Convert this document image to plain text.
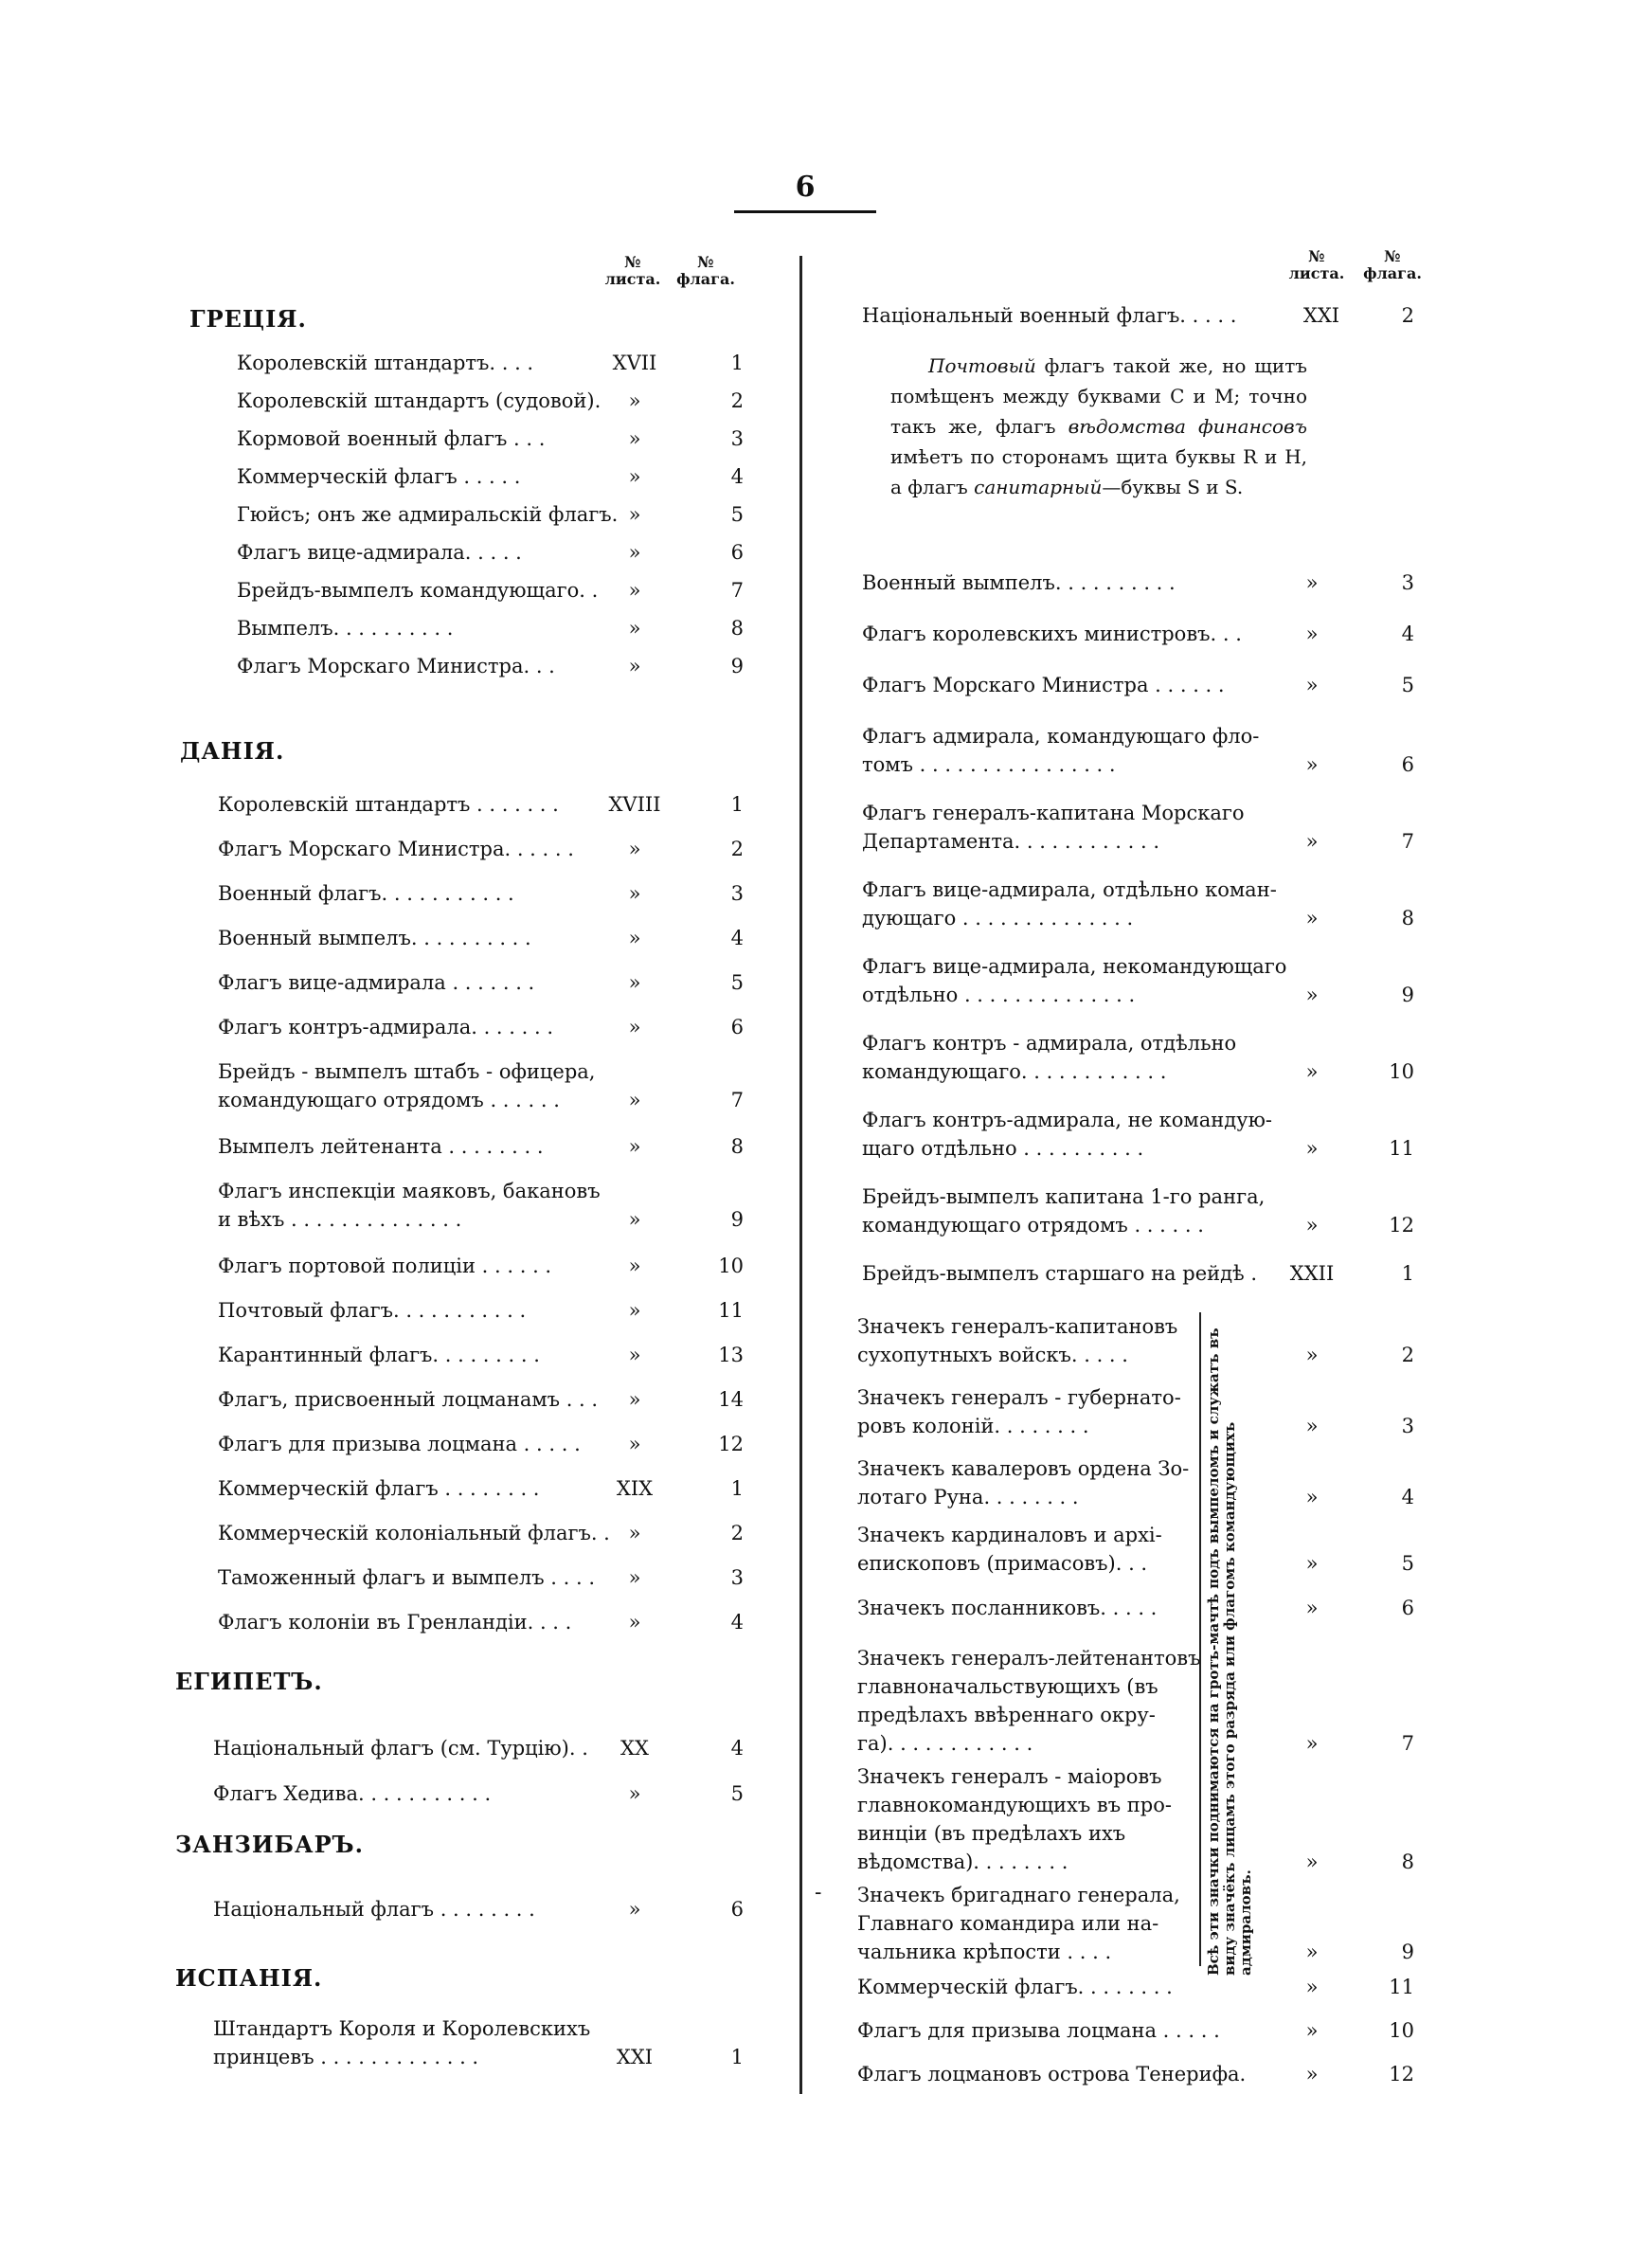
6
№
листа.
№
флага.
ГРЕЦІЯ.
Королевскій штандартъ. . . .	XVII	1
Королевскій штандартъ (судовой).	»	2
Кормовой военный флагъ . . .	»	3
Коммерческій флагъ . . . . .	»	4
Гюйсъ; онъ же адмиральскій флагъ. »	5
Флагъ вице-адмирала. . . . .	»	6
Брейдъ-вымпелъ командующаго. .	»	7
Вымпелъ. . . . . . . . . .	»	8
Флагъ Морскаго Министра. . .	»	9
ДАНІЯ.
Королевскій штандартъ . . . . . . .	XVIII	1
Флагъ Морскаго Министра. . . . . .	»	2
Военный флагъ. . . . . . . . . . .	»	3
Военный вымпелъ. . . . . . . . . .	»	4
Флагъ вице-адмирала . . . . . . .	»	5
Флагъ контръ-адмирала. . . . . . .	»	6
Брейдъ - вымпелъ штабъ - офицера,
командующаго отрядомъ . . . . . .	»	7
Вымпелъ лейтенанта . . . . . . . .	»	8
Флагъ инспекціи маяковъ, бакановъ
и вѣхъ . . . . . . . . . . . . . .	»	9
Флагъ портовой полиціи . . . . . .	»	10
Почтовый флагъ. . . . . . . . . . .	»	11
Карантинный флагъ. . . . . . . . .	»	13
Флагъ, присвоенный лоцманамъ . . .	»	14
Флагъ для призыва лоцмана . . . . .	»	12
Коммерческій флагъ . . . . . . . .	XIX	1
Коммерческій колоніальный флагъ. . »	2
Таможенный флагъ и вымпелъ . . . .	»	3
Флагъ колоніи въ Гренландіи. . . .	»	4
ЕГИПЕТЪ.
Національный флагъ (см. Турцію). .	XX	4
Флагъ Хедива. . . . . . . . . . .	»	5
ЗАНЗИБАРЪ.
Національный флагъ . . . . . . . .	»	6
ИСПАНІЯ.
Штандартъ Короля и Королевскихъ
принцевъ . . . . . . . . . . . . .	XXI	1
№
листа.
№
флага.
Національный военный флагъ. . . . .	XXI	2
Почтовый флагъ такой же, но щитъ помѣщенъ между буквами С и М; точно такъ же, флагъ вѣдомства финансовъ имѣетъ по сторонамъ щита буквы R и H, а флагъ санитарный—буквы S и S.
Военный вымпелъ. . . . . . . . . .	»	3
Флагъ королевскихъ министровъ. . .	»	4
Флагъ Морскаго Министра . . . . . .	»	5
Флагъ адмирала, командующаго фло-
томъ . . . . . . . . . . . . . . . .	»	6
Флагъ генералъ-капитана Морскаго
Департамента. . . . . . . . . . . .	»	7
Флагъ вице-адмирала, отдѣльно коман-
дующаго . . . . . . . . . . . . . .	»	8
Флагъ вице-адмирала, некомандующаго
отдѣльно . . . . . . . . . . . . . .	»	9
Флагъ контръ - адмирала, отдѣльно
командующаго. . . . . . . . . . . .	»	10
Флагъ контръ-адмирала, не командую-
щаго отдѣльно . . . . . . . . . .	»	11
Брейдъ-вымпелъ капитана 1-го ранга,
командующаго отрядомъ . . . . . .	»	12
Брейдъ-вымпелъ старшаго на рейдѣ .	XXII	1
Значекъ генералъ-капитановъ
сухопутныхъ войскъ. . . . .	»	2
Значекъ генералъ - губернато-
ровъ колоній. . . . . . . .	»	3
Значекъ кавалеровъ ордена Зо-
лотаго Руна. . . . . . . .	»	4
Значекъ кардиналовъ и архі-
епископовъ (примасовъ). . .	»	5
Значекъ посланниковъ. . . . .	»	6
Значекъ генералъ-лейтенантовъ
главноначальствующихъ (въ
предѣлахъ ввѣреннаго окру-
га). . . . . . . . . . . .	»	7
Значекъ генералъ - маіоровъ
главнокомандующихъ въ про-
винціи (въ предѣлахъ ихъ
вѣдомства). . . . . . . .	»	8
Значекъ бригаднаго генерала,
Главнаго командира или на-
чальника крѣпости . . . .	»	9
Всѣ эти значки поднимаются на гротъ-мачтѣ подъ вымпеломъ и служатъ въ виду значёкъ лицамъ этого разряда или флагомъ командующихъ адмираловъ.
-
Коммерческій флагъ. . . . . . . .	»	11
Флагъ для призыва лоцмана . . . . .	»	10
Флагъ лоцмановъ острова Тенерифа.	»	12
